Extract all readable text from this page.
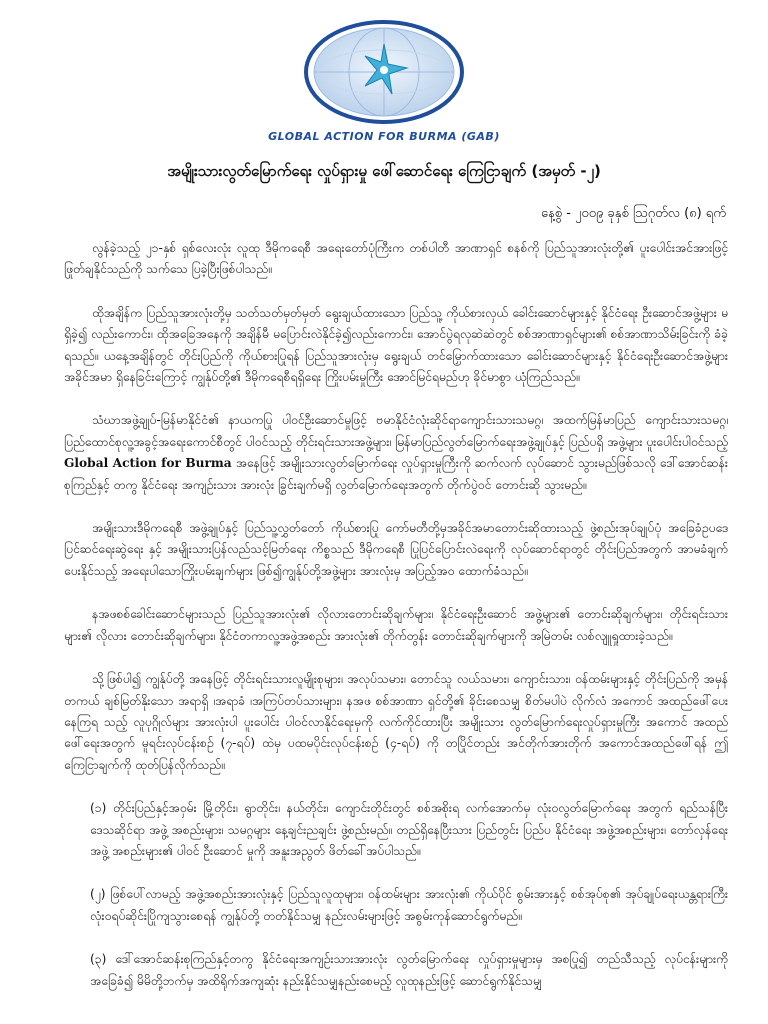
GLOBAL ACTION FOR BURMA (GAB)
အမျိုးသားလွတ်မြောက်ရေး လှုပ်ရှားမှု ဖေါ်ဆောင်ရေး ကြေငြာချက် (အမှတ် -၂)
နေ့စွဲ - ၂၀၀၉ ခုနှစ် ဩဂုတ်လ (၈) ရက်

လွန်ခဲ့သည့် ၂၁-နှစ် ရှစ်လေးလုံး လူထု ဒီမိုကရေစီ အရေးတော်ပုံကြီးက တစ်ပါတီ အာဏာရှင် စနစ်ကို ပြည်သူအားလုံးတို့၏ ပူးပေါင်းအင်အားဖြင့် ဖြုတ်ချနိုင်သည်ကို သက်သေ ပြခဲ့ပြီးဖြစ်ပါသည်။

ထိုအချိန်က ပြည်သူအားလုံးတို့မှ သတ်သတ်မှတ်မှတ် ရွေးချယ်ထားသော ပြည်သူ့ ကိုယ်စားလှယ် ခေါင်းဆောင်များနှင့် နိုင်ငံရေး ဦးဆောင်အဖွဲ့များ မရှိခဲ့၍ လည်းကောင်း၊ ထိုအခြေအနေကို အချိန်မီ မပြောင်းလဲနိုင်ခဲ့၍လည်းကောင်း၊ အောင်ပွဲရလုဆဲဆဲတွင် စစ်အာဏာရှင်များ၏ စစ်အာဏာသိမ်းခြင်းကို ခံခဲ့ရသည်။ ယနေ့အချိန်တွင် တိုင်းပြည်ကို ကိုယ်စားပြုရန် ပြည်သူအားလုံးမှ ရွေးချယ် တင်မြှောက်ထားသော ခေါင်းဆောင်များနှင့် နိုင်ငံရေးဦးဆောင်အဖွဲ့များ အခိုင်အမာ ရှိနေခြင်းကြောင့် ကျွန်ုပ်တို့၏ ဒီမိုကရေစီရရှိရေး ကြိုးပမ်းမှုကြီး အောင်မြင်ရမည်ဟု ခိုင်မာစွာ ယုံကြည်သည်။

သံဃာအဖွဲ့ချုပ်-မြန်မာနိုင်ငံ၏ နာယကပြု ပါဝင်ဦးဆောင်မှုဖြင့် ဗမာနိုင်ငံလုံးဆိုင်ရာကျောင်းသားသမဂ္ဂ၊ အထက်မြန်မာပြည် ကျောင်းသားသမဂ္ဂ၊ ပြည်ထောင်စုလူ့အခွင့်အရေးကောင်စီတွင် ပါဝင်သည့် တိုင်းရင်းသားအဖွဲ့များ၊ မြန်မာပြည်လွတ်မြောက်ရေးအဖွဲ့ချုပ်နှင့် ပြည်ပရှိ အဖွဲ့များ ပူးပေါင်းပါဝင်သည့် Global Action for Burma အနေဖြင့် အမျိုးသားလွတ်မြောက်ရေး လှုပ်ရှားမှုကြီးကို ဆက်လက် လုပ်ဆောင် သွားမည်ဖြစ်သလို ဒေါ်အောင်ဆန်းစုကြည်နှင့် တကွ နိုင်ငံရေး အကျဉ်းသား အားလုံး ခြွင်းချက်မရှိ လွတ်မြောက်ရေးအတွက် တိုက်ပွဲဝင် တောင်းဆို သွားမည်။

အမျိုးသားဒီမိုကရေစီ အဖွဲ့ချုပ်နှင့် ပြည်သူ့လွှတ်တော် ကိုယ်စားပြု ကော်မတီတို့မှအခိုင်အမာတောင်းဆိုထားသည့် ဖွဲ့စည်းအုပ်ချုပ်ပုံ အခြေခံဥပဒေ ပြင်ဆင်ရေးဆွဲရေး နှင့် အမျိုးသားပြန်လည်သင့်မြတ်ရေး ကိစ္စသည် ဒီမိုကရေစီ ပြုပြင်ပြောင်းလဲရေးကို လုပ်ဆောင်ရာတွင် တိုင်းပြည်အတွက် အာမခံချက်ပေးနိုင်သည့် အရေးပါသောကြိုးပမ်းချက်များ ဖြစ်၍ကျွန်ုပ်တို့အဖွဲ့များ အားလုံးမှ အပြည့်အဝ ထောက်ခံသည်။

နအဖစစ်ခေါင်းဆောင်များသည် ပြည်သူအားလုံး၏ လိုလားတောင်းဆိုချက်များ၊ နိုင်ငံရေးဦးဆောင် အဖွဲ့များ၏ တောင်းဆိုချက်များ၊ တိုင်းရင်းသားများ၏ လိုလား တောင်းဆိုချက်များ၊ နိုင်ငံတကာလူ့အဖွဲ့အစည်း အားလုံး၏ တိုက်တွန်း တောင်းဆိုချက်များကို အမြဲတမ်း လစ်လျူရှုထားခဲ့သည်။

သို့ဖြစ်ပါ၍ ကျွန်ုပ်တို့ အနေဖြင့် တိုင်းရင်းသားလူမျိုးစုများ၊ အလုပ်သမား၊ တောင်သူ လယ်သမား၊ ကျောင်းသား၊ ဝန်ထမ်းများနှင့် တိုင်းပြည်ကို အမှန် တကယ် ချစ်မြတ်နိုးသော အရာရှိ ၊အရာခံ ၊အကြပ်တပ်သားများ၊ နအဖ စစ်အာဏာ ရှင်တို့၏ ခိုင်းစေသမျှ စိတ်မပါပဲ လိုက်လံ အကောင် အထည်ဖေါ်ပေး နေကြရ သည့် လူပုဂ္ဂိုလ်များ အားလုံးပါ ပူးပေါင်း ပါဝင်လာနိုင်ရေးမှကို လက်ကိုင်ထားပြီး အမျိုးသား လွတ်မြောက်ရေးလှုပ်ရှားမှုကြီး အကောင် အထည် ဖေါ်ရေးအတွက် မူရင်းလုပ်ငန်းစဉ် (၇-ရပ်) ထဲမှ ပထမပိုင်းလုပ်ငန်းစဉ် (၄-ရပ်) ကို တပြိုင်တည်း အင်တိုက်အားတိုက် အကောင်အထည်ဖေါ်ရန် ဤကြေငြာချက်ကို ထုတ်ပြန်လိုက်သည်။

(၁) တိုင်းပြည်နှင့်အဝှမ်း မြို့တိုင်း၊ ရွာတိုင်း၊ နယ်တိုင်း၊ ကျောင်းတိုင်းတွင် စစ်အစိုးရ လက်အောက်မှ လုံးဝလွတ်မြောက်ရေး အတွက် ရည်သန်ပြီး ဒေသဆိုင်ရာ အဖွဲ့ အစည်းများ၊ သမဂ္ဂများ နေ့ချင်းညချင်း ဖွဲ့စည်းမည်။ တည်ရှိနေပြီးသား ပြည်တွင်း ပြည်ပ နိုင်ငံရေး အဖွဲ့အစည်းများ၊ တော်လှန်ရေးအဖွဲ့ အစည်းများ၏ ပါဝင် ဦးဆောင် မှုကို အနူးအညွတ် ဖိတ်ခေါ်အပ်ပါသည်။

(၂) ဖြစ်ပေါ်လာမည့် အဖွဲ့အစည်းအားလုံးနှင့် ပြည်သူလူထုများ၊ ဝန်ထမ်းများ အားလုံး၏ ကိုယ်ပိုင် စွမ်းအားနှင့် စစ်အုပ်စု၏ အုပ်ချုပ်ရေးယန္တရားကြီး လုံးဝရပ်ဆိုင်းပြိုကျသွားစေရန် ကျွန်ုပ်တို့ တတ်နိုင်သမျှ နည်းလမ်းများဖြင့် အစွမ်းကုန်ဆောင်ရွက်မည်။

(၃) ဒေါ်အောင်ဆန်းစုကြည်နှင့်တကွ နိုင်ငံရေးအကျဉ်းသားအားလုံး လွတ်မြောက်ရေး လှုပ်ရှားမှုများမှ အစပြု၍ တည်သီသည့် လုပ်ငန်းများကို အခြေခံ၍ မိမိတို့ဘက်မှ အထိရိုက်အကျဆုံး နည်းနိုင်သမျှနည်းစေမည့် လူထုနည်းဖြင့် ဆောင်ရွက်နိုင်သမျှ
